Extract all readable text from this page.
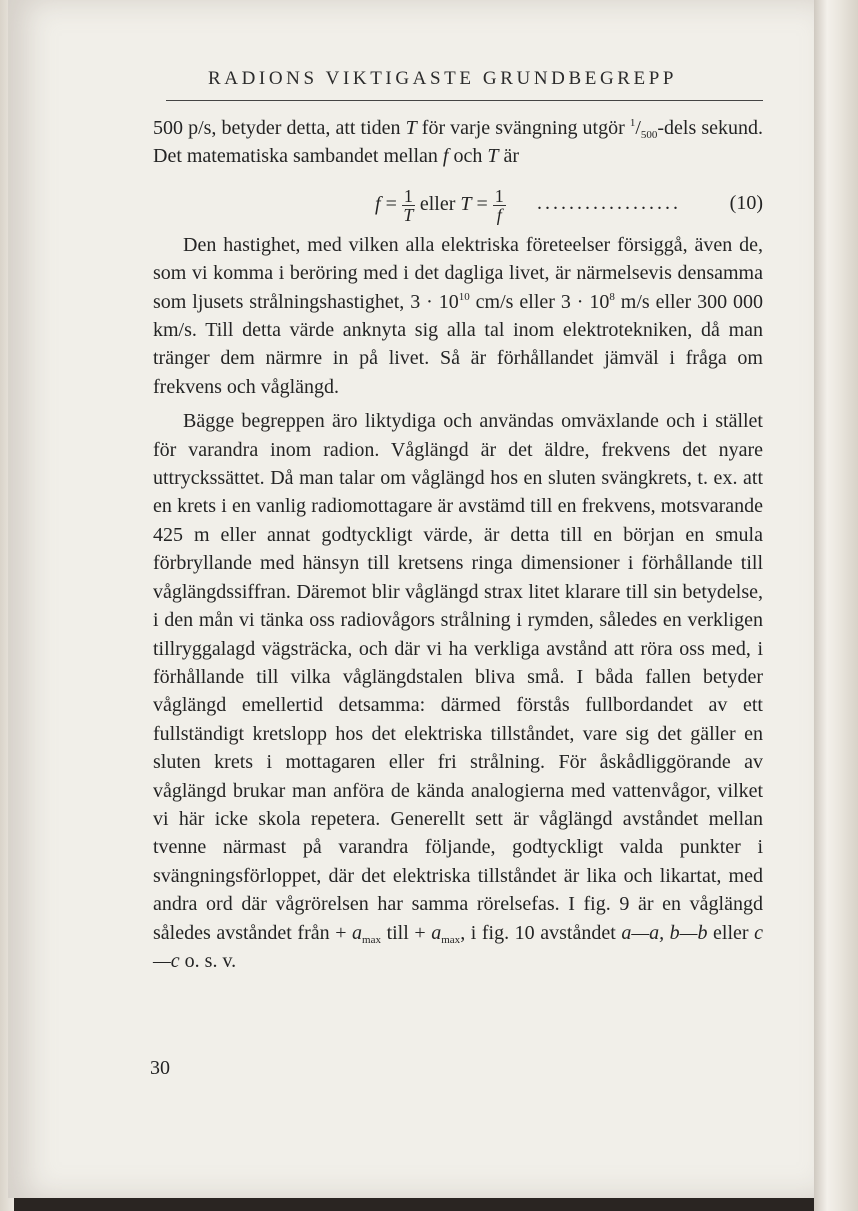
RADIONS VIKTIGASTE GRUNDBEGREPP

500 p/s, betyder detta, att tiden T för varje svängning utgör $^1/_{500}$-dels sekund. Det matematiska sambandet mellan f och T är

$f = \frac{1}{T}$ eller $T = \frac{1}{f}$ .................. (10)

Den hastighet, med vilken alla elektriska företeelser försiggå, även de, som vi komma i beröring med i det dagliga livet, är närmelsevis densamma som ljusets strålningshastighet, $3 \cdot 10^{10}$ cm/s eller $3 \cdot 10^8$ m/s eller 300 000 km/s. Till detta värde anknyta sig alla tal inom elektrotekniken, då man tränger dem närmre in på livet. Så är förhållandet jämväl i fråga om frekvens och våglängd.

Bägge begreppen äro liktydiga och användas omväxlande och i stället för varandra inom radion. Våglängd är det äldre, frekvens det nyare uttryckssättet. Då man talar om våglängd hos en sluten svängkrets, t. ex. att en krets i en vanlig radiomottagare är avstämd till en frekvens, motsvarande 425 m eller annat godtyckligt värde, är detta till en början en smula förbryllande med hänsyn till kretsens ringa dimensioner i förhållande till våglängdssiffran. Däremot blir våglängd strax litet klarare till sin betydelse, i den mån vi tänka oss radiovågors strålning i rymden, således en verkligen tillryggalagd vägsträcka, och där vi ha verkliga avstånd att röra oss med, i förhållande till vilka våglängdstalen bliva små. I båda fallen betyder våglängd emellertid detsamma: därmed förstås fullbordandet av ett fullständigt kretslopp hos det elektriska tillståndet, vare sig det gäller en sluten krets i mottagaren eller fri strålning. För åskådliggörande av våglängd brukar man anföra de kända analogierna med vattenvågor, vilket vi här icke skola repetera. Generellt sett är våglängd avståndet mellan tvenne närmast på varandra följande, godtyckligt valda punkter i svängningsförloppet, där det elektriska tillståndet är lika och likartat, med andra ord där vågrörelsen har samma rörelsefas. I fig. 9 är en våglängd således avståndet från + $a_{max}$ till + $a_{max}$, i fig. 10 avståndet a—a, b—b eller c—c o. s. v.

30
